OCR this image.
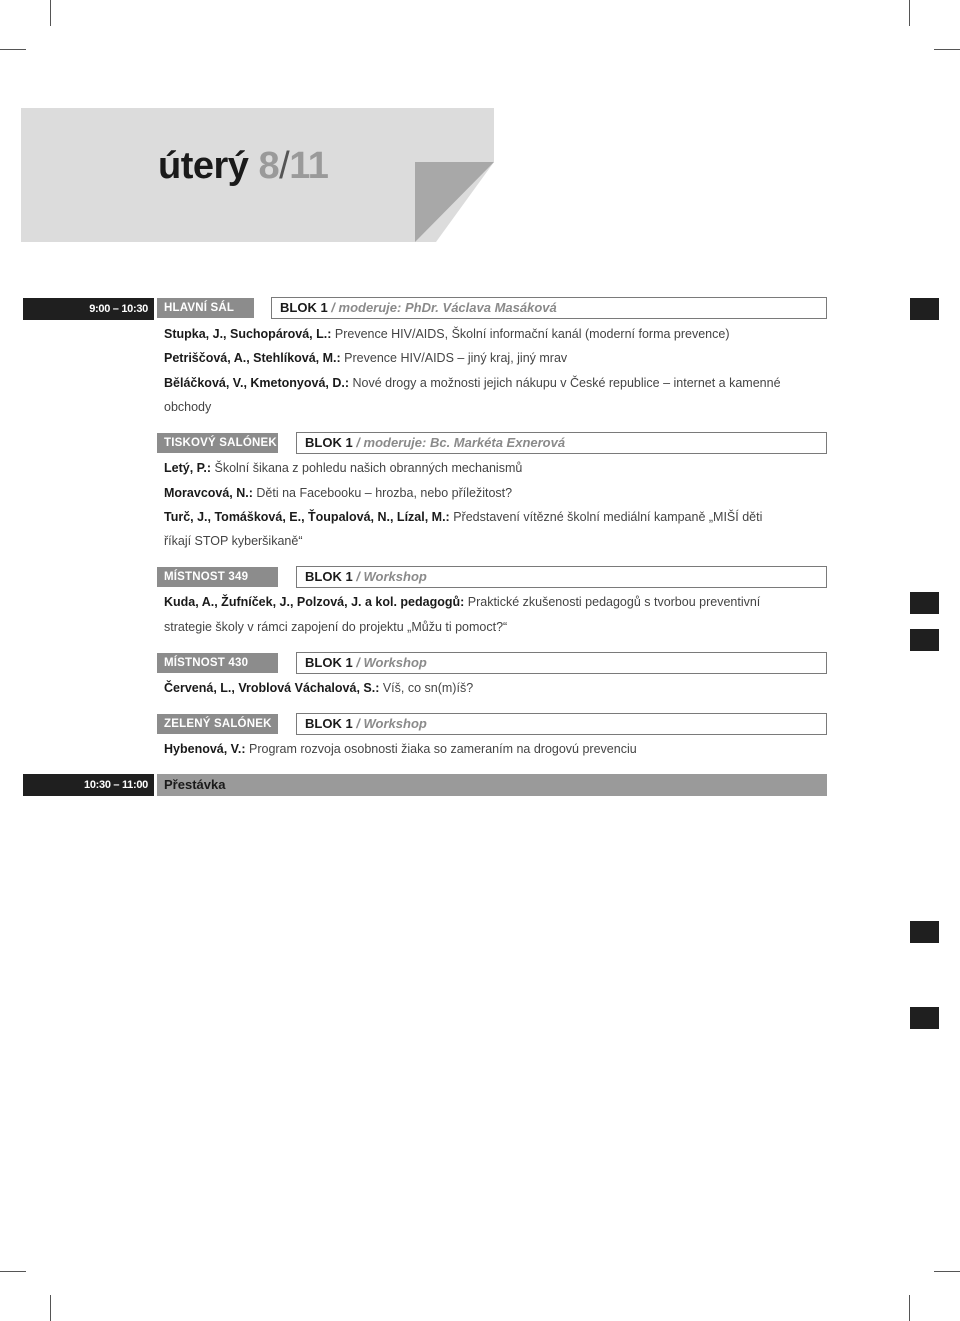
úterý 8/11
9:00 – 10:30	HLAVNÍ SÁL	BLOK 1 / moderuje: PhDr. Václava Masáková
Stupka, J., Suchopárová, L.: Prevence HIV/AIDS, Školní informační kanál (moderní forma prevence)
Petriščová, A., Stehlíková, M.: Prevence HIV/AIDS – jiný kraj, jiný mrav
Běláčková, V., Kmetonyová, D.: Nové drogy a možnosti jejich nákupu v České republice – internet a kamenné
obchody
TISKOVÝ SALÓNEK	BLOK 1 / moderuje: Bc. Markéta Exnerová
Letý, P.: Školní šikana z pohledu našich obranných mechanismů
Moravcová, N.: Děti na Facebooku – hrozba, nebo příležitost?
Turč, J., Tomášková, E., Ťoupalová, N., Lízal, M.: Představení vítězné školní mediální kampaně „MIŠÍ děti
říkají STOP kyberšikaně“
MÍSTNOST 349	BLOK 1 / Workshop
Kuda, A., Žufníček, J., Polzová, J. a kol. pedagogů: Praktické zkušenosti pedagogů s tvorbou preventivní
strategie školy v rámci zapojení do projektu „Můžu ti pomoct?“
MÍSTNOST 430	BLOK 1 / Workshop
Červená, L., Vroblová Váchalová, S.: Víš, co sn(m)íš?
ZELENÝ SALÓNEK	BLOK 1 / Workshop
Hybenová, V.: Program rozvoja osobnosti žiaka so zameraním na drogovú prevenciu
10:30 – 11:00	Přestávka
